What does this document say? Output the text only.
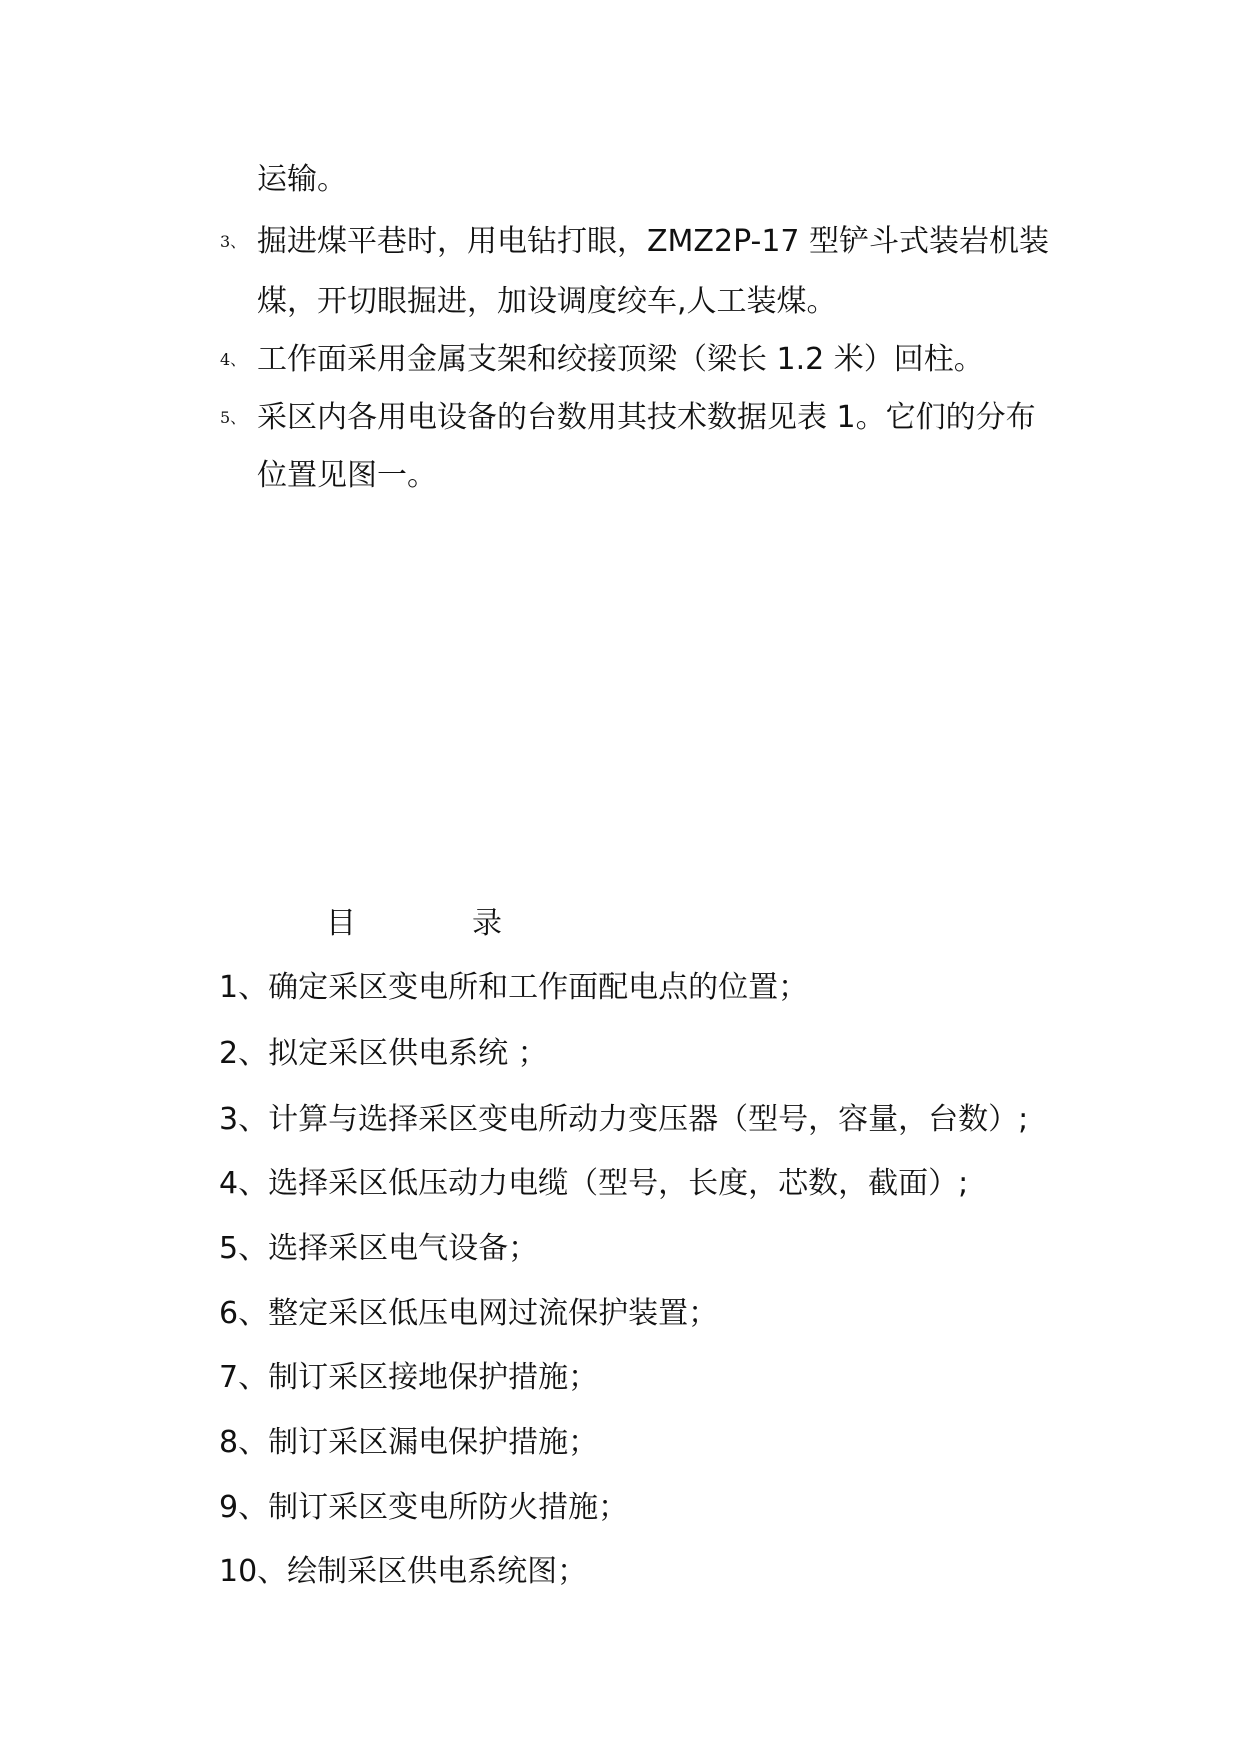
运输。
3、 掘进煤平巷时，用电钻打眼，ZMZ2P-17 型铲斗式装岩机装
煤，开切眼掘进，加设调度绞车,人工装煤。
4、 工作面采用金属支架和绞接顶梁（梁长 1.2 米）回柱。
5、 采区内各用电设备的台数用其技术数据见表 1。它们的分布
位置见图一。
目	录
1、确定采区变电所和工作面配电点的位置；
2、拟定采区供电系统 ；
3、计算与选择采区变电所动力变压器（型号，容量，台数）;
4、选择采区低压动力电缆（型号，长度，芯数，截面）;
5、选择采区电气设备；
6、整定采区低压电网过流保护装置；
7、制订采区接地保护措施；
8、制订采区漏电保护措施；
9、制订采区变电所防火措施；
10、绘制采区供电系统图；
